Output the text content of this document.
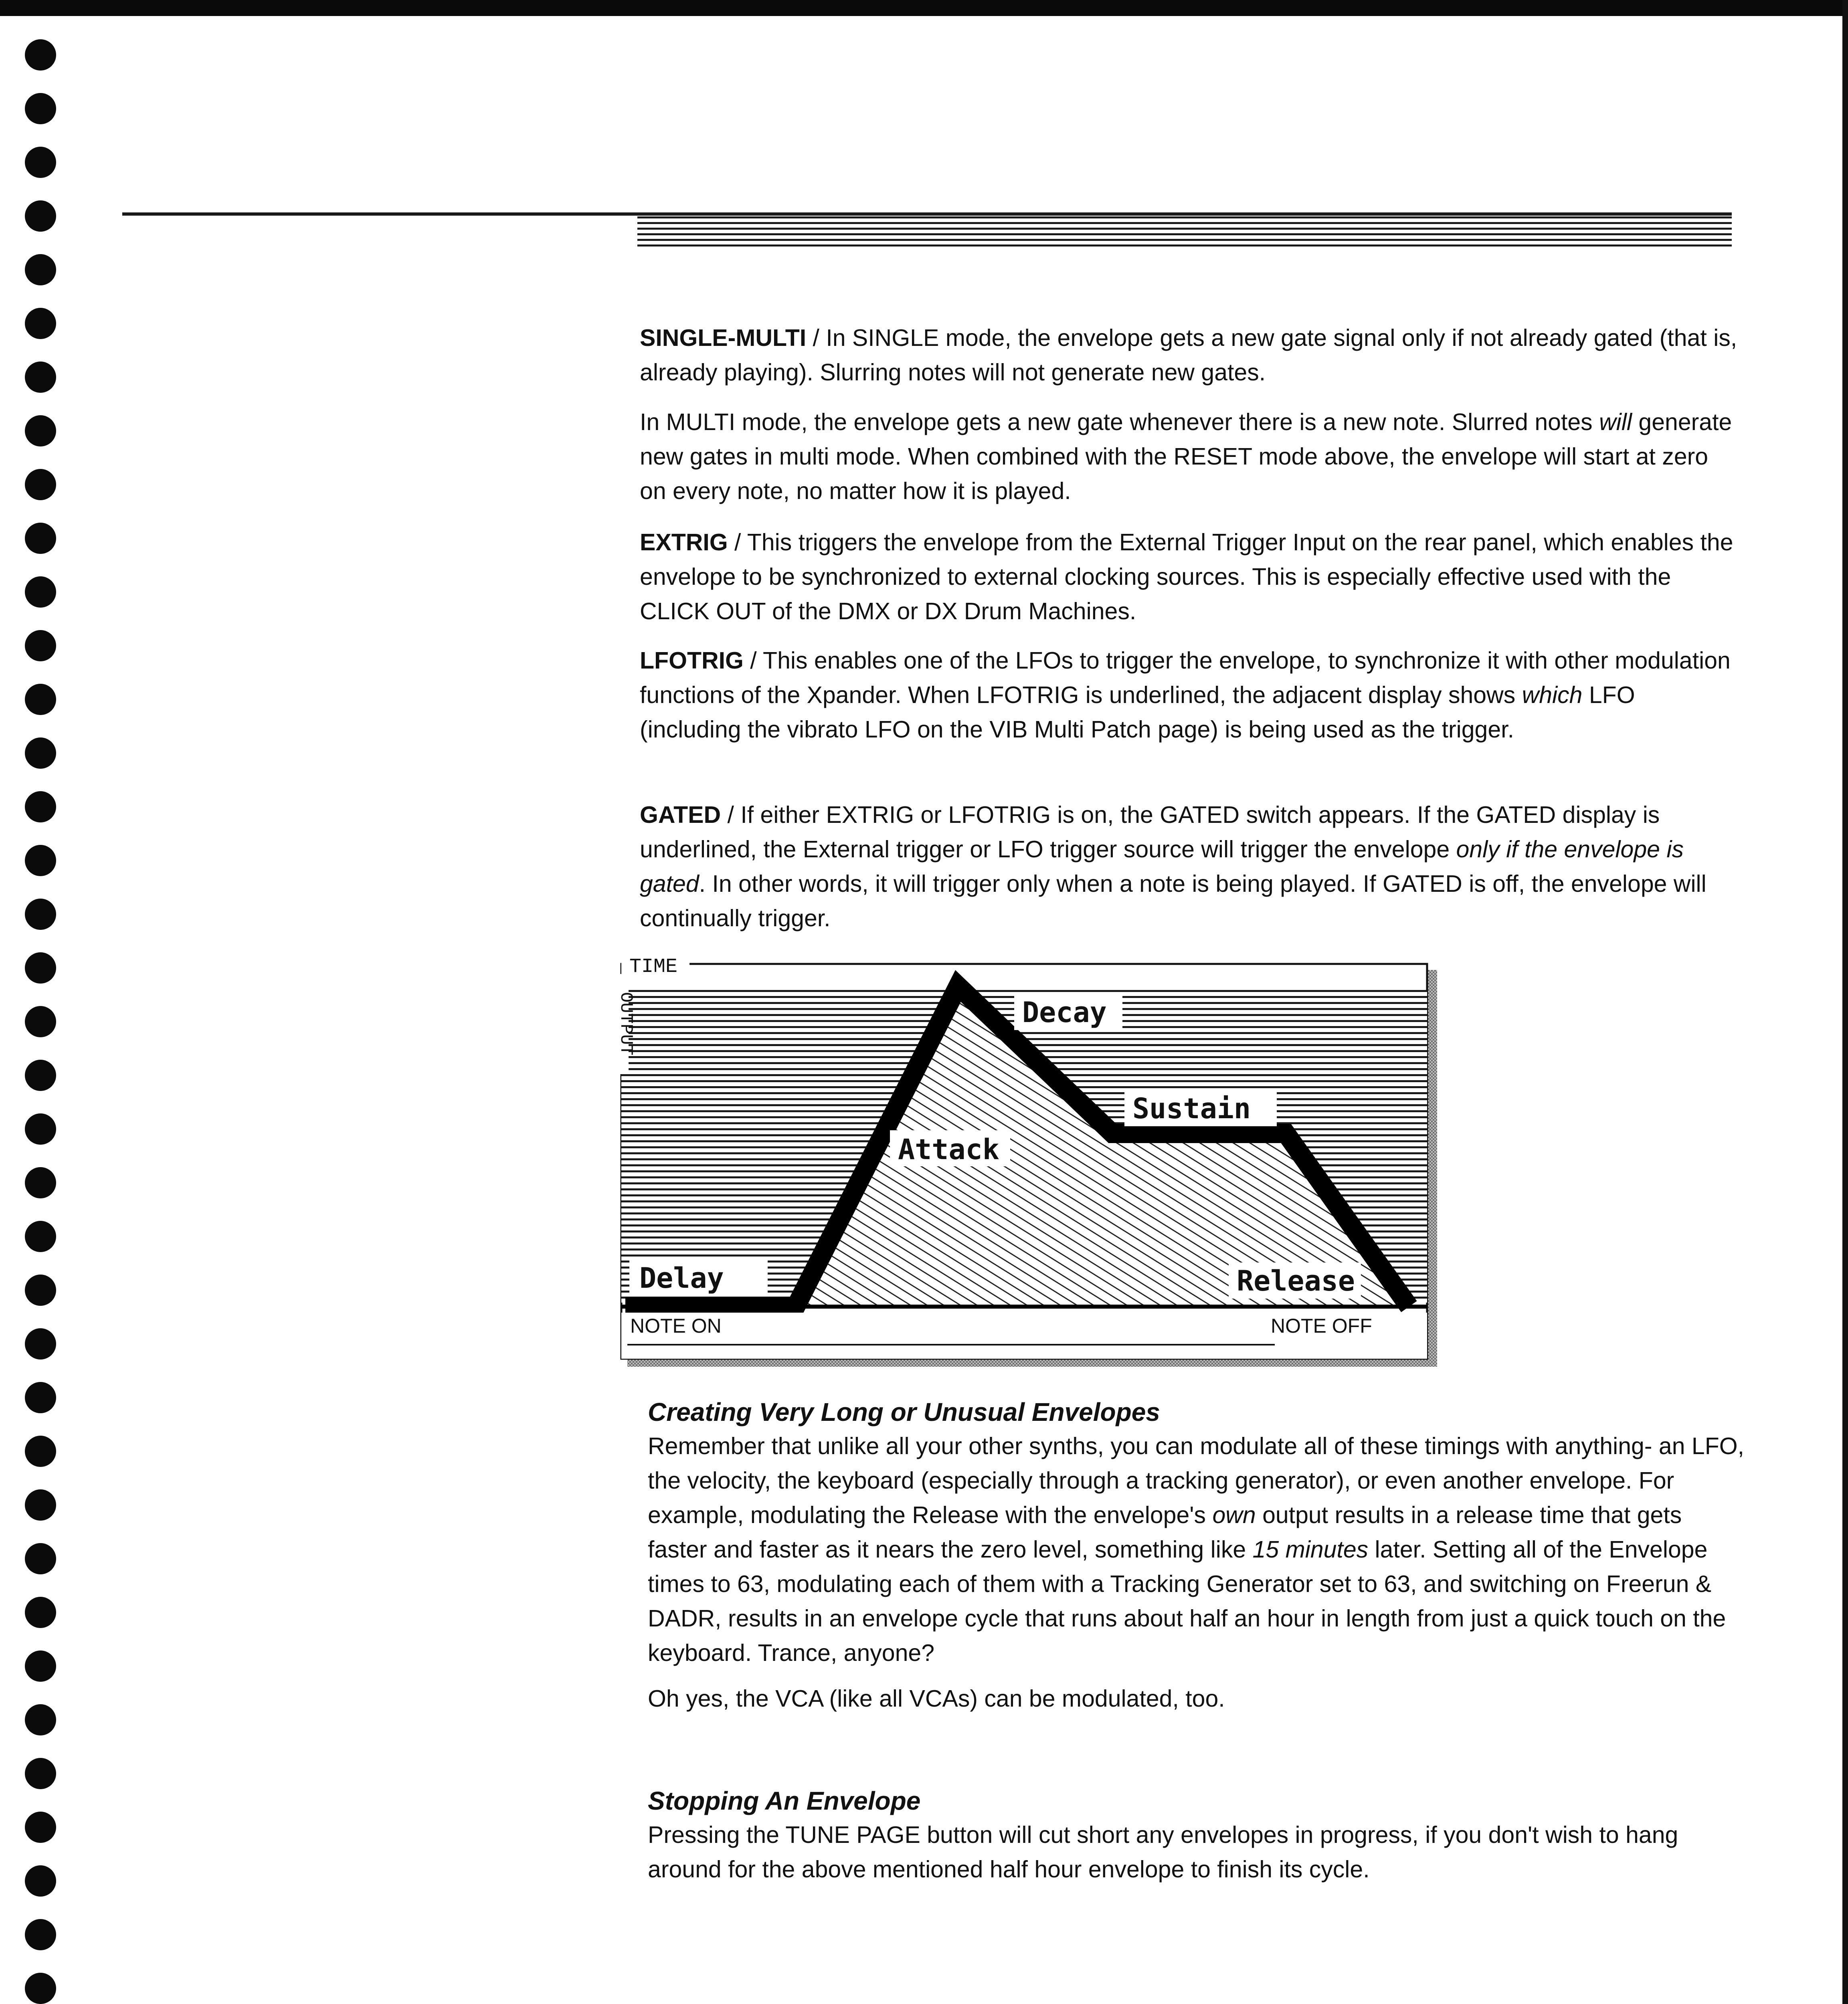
SINGLE-MULTI / In SINGLE mode, the envelope gets a new gate signal only if not already gated (that is, already playing). Slurring notes will not generate new gates.

In MULTI mode, the envelope gets a new gate whenever there is a new note. Slurred notes will generate new gates in multi mode. When combined with the RESET mode above, the envelope will start at zero on every note, no matter how it is played.

EXTRIG / This triggers the envelope from the External Trigger Input on the rear panel, which enables the envelope to be synchronized to external clocking sources. This is especially effective used with the CLICK OUT of the DMX or DX Drum Machines.

LFOTRIG / This enables one of the LFOs to trigger the envelope, to synchronize it with other modulation functions of the Xpander. When LFOTRIG is underlined, the adjacent display shows which LFO (including the vibrato LFO on the VIB Multi Patch page) is being used as the trigger.

GATED / If either EXTRIG or LFOTRIG is on, the GATED switch appears. If the GATED display is underlined, the External trigger or LFO trigger source will trigger the envelope only if the envelope is gated. In other words, it will trigger only when a note is being played. If GATED is off, the envelope will continually trigger.

TIME
OUTPUT
Delay
Attack
Decay
Sustain
Release
NOTE ON	NOTE OFF
Creating Very Long or Unusual Envelopes

Remember that unlike all your other synths, you can modulate all of these timings with anything- an LFO, the velocity, the keyboard (especially through a tracking generator), or even another envelope. For example, modulating the Release with the envelope's own output results in a release time that gets faster and faster as it nears the zero level, something like 15 minutes later. Setting all of the Envelope times to 63, modulating each of them with a Tracking Generator set to 63, and switching on Freerun & DADR, results in an envelope cycle that runs about half an hour in length from just a quick touch on the keyboard. Trance, anyone?

Oh yes, the VCA (like all VCAs) can be modulated, too.

Stopping An Envelope

Pressing the TUNE PAGE button will cut short any envelopes in progress, if you don't wish to hang around for the above mentioned half hour envelope to finish its cycle.
